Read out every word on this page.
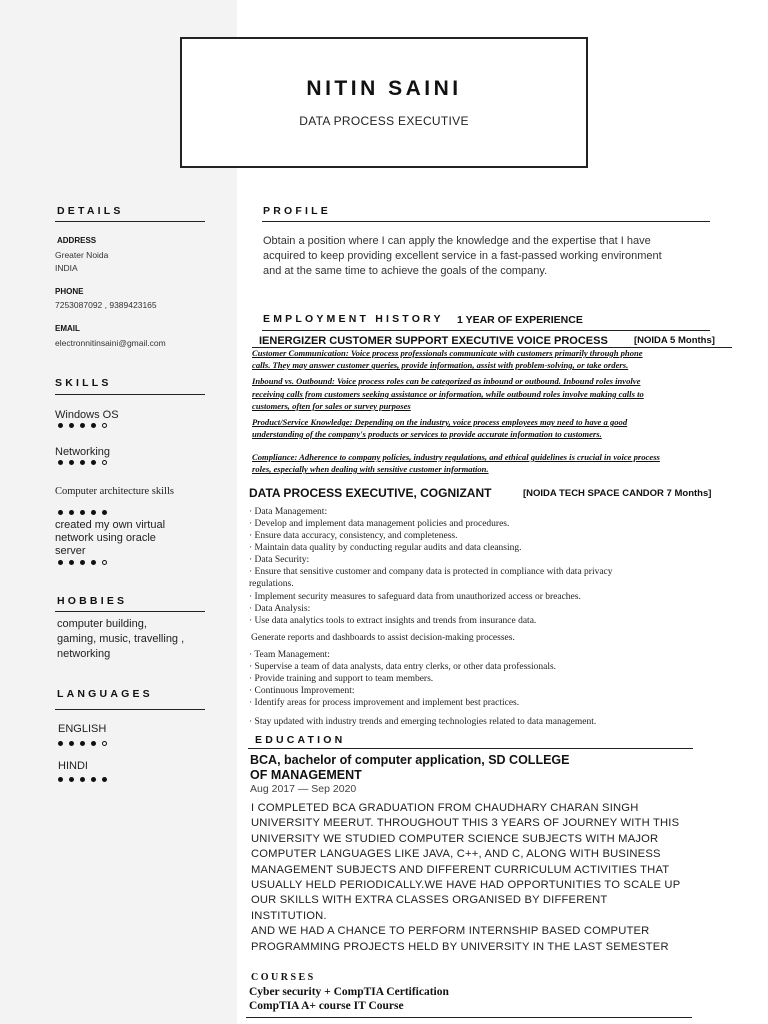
NITIN SAINI
DATA PROCESS EXECUTIVE
DETAILS
ADDRESS
Greater Noida
INDIA
PHONE
7253087092 , 9389423165
EMAIL
electronnitinsaini@gmail.com
SKILLS
Windows OS
Networking
Computer architecture skills
created my own virtual
network using oracle
server
HOBBIES
computer building,
gaming, music, travelling ,
networking
LANGUAGES
ENGLISH
HINDI
PROFILE
Obtain a position where I can apply the knowledge and the expertise that I have
acquired to keep providing excellent service in a fast-passed working environment
and at the same time to achieve the goals of the company.
EMPLOYMENT HISTORY 1 YEAR OF EXPERIENCE
IENERGIZER CUSTOMER SUPPORT EXECUTIVE VOICE PROCESS	[NOIDA 5 Months]
Customer Communication: Voice process professionals communicate with customers primarily through phone
calls. They may answer customer queries, provide information, assist with problem-solving, or take orders.
Inbound vs. Outbound: Voice process roles can be categorized as inbound or outbound. Inbound roles involve
receiving calls from customers seeking assistance or information, while outbound roles involve making calls to
customers, often for sales or survey purposes
Product/Service Knowledge: Depending on the industry, voice process employees may need to have a good
understanding of the company's products or services to provide accurate information to customers.
Compliance: Adherence to company policies, industry regulations, and ethical guidelines is crucial in voice process
roles, especially when dealing with sensitive customer information.
DATA PROCESS EXECUTIVE, COGNIZANT	[NOIDA TECH SPACE CANDOR 7 Months]
· Data Management:
· Develop and implement data management policies and procedures.
· Ensure data accuracy, consistency, and completeness.
· Maintain data quality by conducting regular audits and data cleansing.
· Data Security:
· Ensure that sensitive customer and company data is protected in compliance with data privacy
regulations.
· Implement security measures to safeguard data from unauthorized access or breaches.
· Data Analysis:
· Use data analytics tools to extract insights and trends from insurance data.
Generate reports and dashboards to assist decision-making processes.
· Team Management:
· Supervise a team of data analysts, data entry clerks, or other data professionals.
· Provide training and support to team members.
· Continuous Improvement:
· Identify areas for process improvement and implement best practices.
· Stay updated with industry trends and emerging technologies related to data management.
EDUCATION
BCA, bachelor of computer application, SD COLLEGE
OF MANAGEMENT
Aug 2017 — Sep 2020
I COMPLETED BCA GRADUATION FROM CHAUDHARY CHARAN SINGH
UNIVERSITY MEERUT. THROUGHOUT THIS 3 YEARS OF JOURNEY WITH THIS
UNIVERSITY WE STUDIED COMPUTER SCIENCE SUBJECTS WITH MAJOR
COMPUTER LANGUAGES LIKE JAVA, C++, AND C, ALONG WITH BUSINESS
MANAGEMENT SUBJECTS AND DIFFERENT CURRICULUM ACTIVITIES THAT
USUALLY HELD PERIODICALLY.WE HAVE HAD OPPORTUNITIES TO SCALE UP
OUR SKILLS WITH EXTRA CLASSES ORGANISED BY DIFFERENT INSTITUTION.
AND WE HAD A CHANCE TO PERFORM INTERNSHIP BASED COMPUTER
PROGRAMMING PROJECTS HELD BY UNIVERSITY IN THE LAST SEMESTER
COURSES
Cyber security + CompTIA Certification
CompTIA A+ course IT Course
